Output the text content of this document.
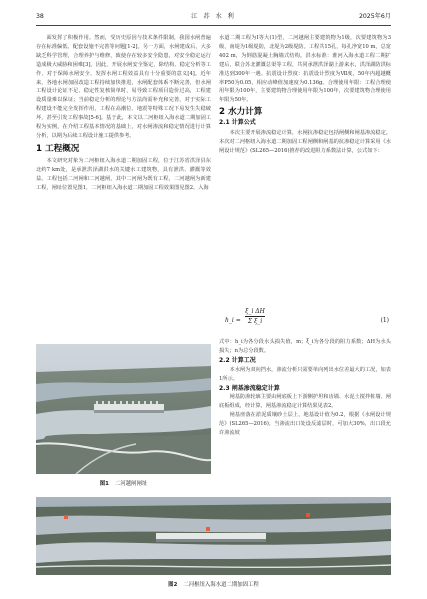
38	江 苏 水 利	2025年6月

面发挥了积极作用。然而，受历史原因与技术条件限制，我国水闸普遍存在标准偏低、配套设施不完善等问题[1-2]。另一方面，水闸建成后，大多缺乏科学管理，合理养护与维修，致使存在较多安全隐患，对安全稳定运行造成极大威胁和困难[3]。因此，开展水闸安全鉴定，除结构、稳定分析等工作，对于保障水闸安全、发挥水闸工程效益具有十分重要的意义[4]。近年来，各地水闸加固改造工程持续加快推进，水闸配套体系不断完善，但水闸工程设计论证不足、稳定性复核简单时，易导致工程项目造价过高，工程建设质量难以保证；当前稳定分析的理论与方法尚需补充和完善，对于实际工程建设不能完全发挥作用，工程在高潮位、地震等特殊工况下易发生失稳破坏，甚至引发工程事故[5-6]。基于此，本文以二河枢纽入海水道二期加固工程为实例，在介绍工程基本情况的基础上，对水闸渗流和稳定情况进行计算分析，以期为后续工程设计施工提供参考。

1 工程概况

本文研究对象为二河枢纽入海水道二期加固工程，位于江苏省洪泽县东北约7 km处，是承泄洪泽湖洪水的关键水工建筑物，具有泄洪、灌溉等效益。工程包括二河闸和二河越闸，其中二河闸为既有工程，二河越闸为新建工程，闸址位置见图1，二河枢纽入海水道二期加固工程效果图见图2。入海

水道二期工程为Ⅰ等大(1)型，二河越闸主要建筑物为1级，次要建筑物为3级，南堤为1级堤防，北堤为2级堤防。工程共15孔，每孔净宽10 m，总宽402 m，为倒筋混凝土胸墙式结构。洪水标准：淮河入海水道工程二期扩建后，联合苏北灌溉总渠等工程，共同承泄洪泽湖上游来水，洪泽湖防洪标准达到300年一遇。抗震设计烈度：抗震设计烈度为Ⅶ度，50年内超越概率P50为0.05，相应动峰值加速度为0.136g。合理使用年限：工程合理使用年限为100年，主要建筑物合理使用年限为100年，次要建筑物合理使用年限为50年。

2 水力计算
2.1 计算公式

本次主要开展渗流稳定计算，水闸抗渗稳定包括闸侧和闸基渗流稳定。本次对二河枢纽入海水道二期加固工程闸侧和闸基的抗渗稳定计算采用《水闸设计规范》(SL265—2016)推荐的改进阻力系数法计算，公式如下：

h_i = $\frac{\text{ξ\_i ΔH}}{\text{Σ ξ\_i}}$	(1)

式中：h_i为各分段水头损失值，m；ξ_i为各分段的阻力系数；ΔH为水头损失；n为总分段数。

2.2 计算工况

本水闸为双向挡水，渗流分析只需要单向列出水位差最大的工况，如表1所示。

2.3 闸基渗流稳定计算

闸基防渗轮廓主要由闸底板上下游侧护坦和齿墙、水泥土搅拌桩墙、闸底板组成，经计算，闸基渗流稳定计算结果见表2。

闸基座落在淤泥质壤砂土层上，地基设计值为0.2，根据《水闸设计规范》(SL265—2016)，当渗流出口处设反滤层时，可加大30%，出口段允许渗流坡

图1 二河越闸闸址
图2 二河枢纽入海水道二期加固工程
